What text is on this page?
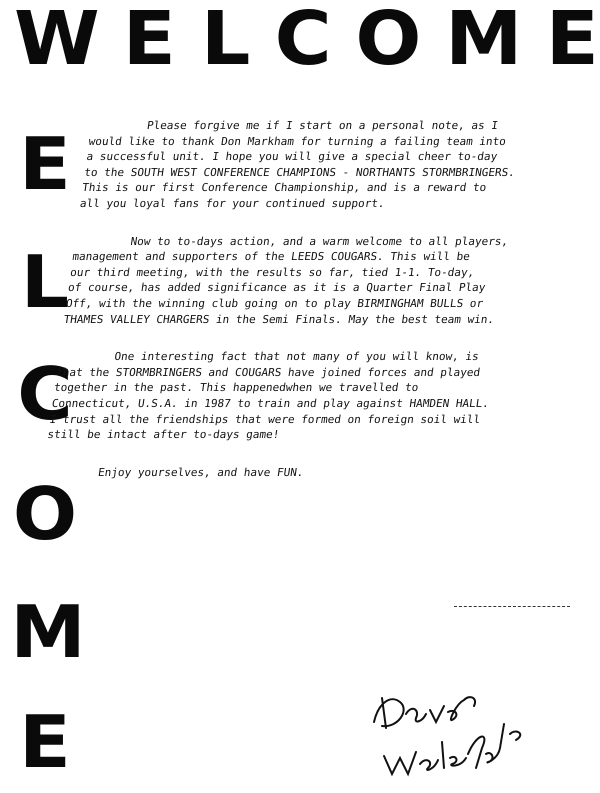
W E L C O M E
E
L
C
O
M
E

Please forgive me if I start on a personal note, as I
would like to thank Don Markham for turning a failing team into
a successful unit. I hope you will give a special cheer to-day
to the SOUTH WEST CONFERENCE CHAMPIONS - NORTHANTS STORMBRINGERS.
This is our first Conference Championship, and is a reward to
all you loyal fans for your continued support.

Now to to-days action, and a warm welcome to all players,
management and supporters of the LEEDS COUGARS. This will be
our third meeting, with the results so far, tied 1-1. To-day,
of course, has added significance as it is a Quarter Final Play
Off, with the winning club going on to play BIRMINGHAM BULLS or
THAMES VALLEY CHARGERS in the Semi Finals. May the best team win.

One interesting fact that not many of you will know, is
that the STORMBRINGERS and COUGARS have joined forces and played
together in the past. This happenedwhen we travelled to
Connecticut, U.S.A. in 1987 to train and play against HAMDEN HALL.
I trust all the friendships that were formed on foreign soil will
still be intact after to-days game!

Enjoy yourselves, and have FUN.
